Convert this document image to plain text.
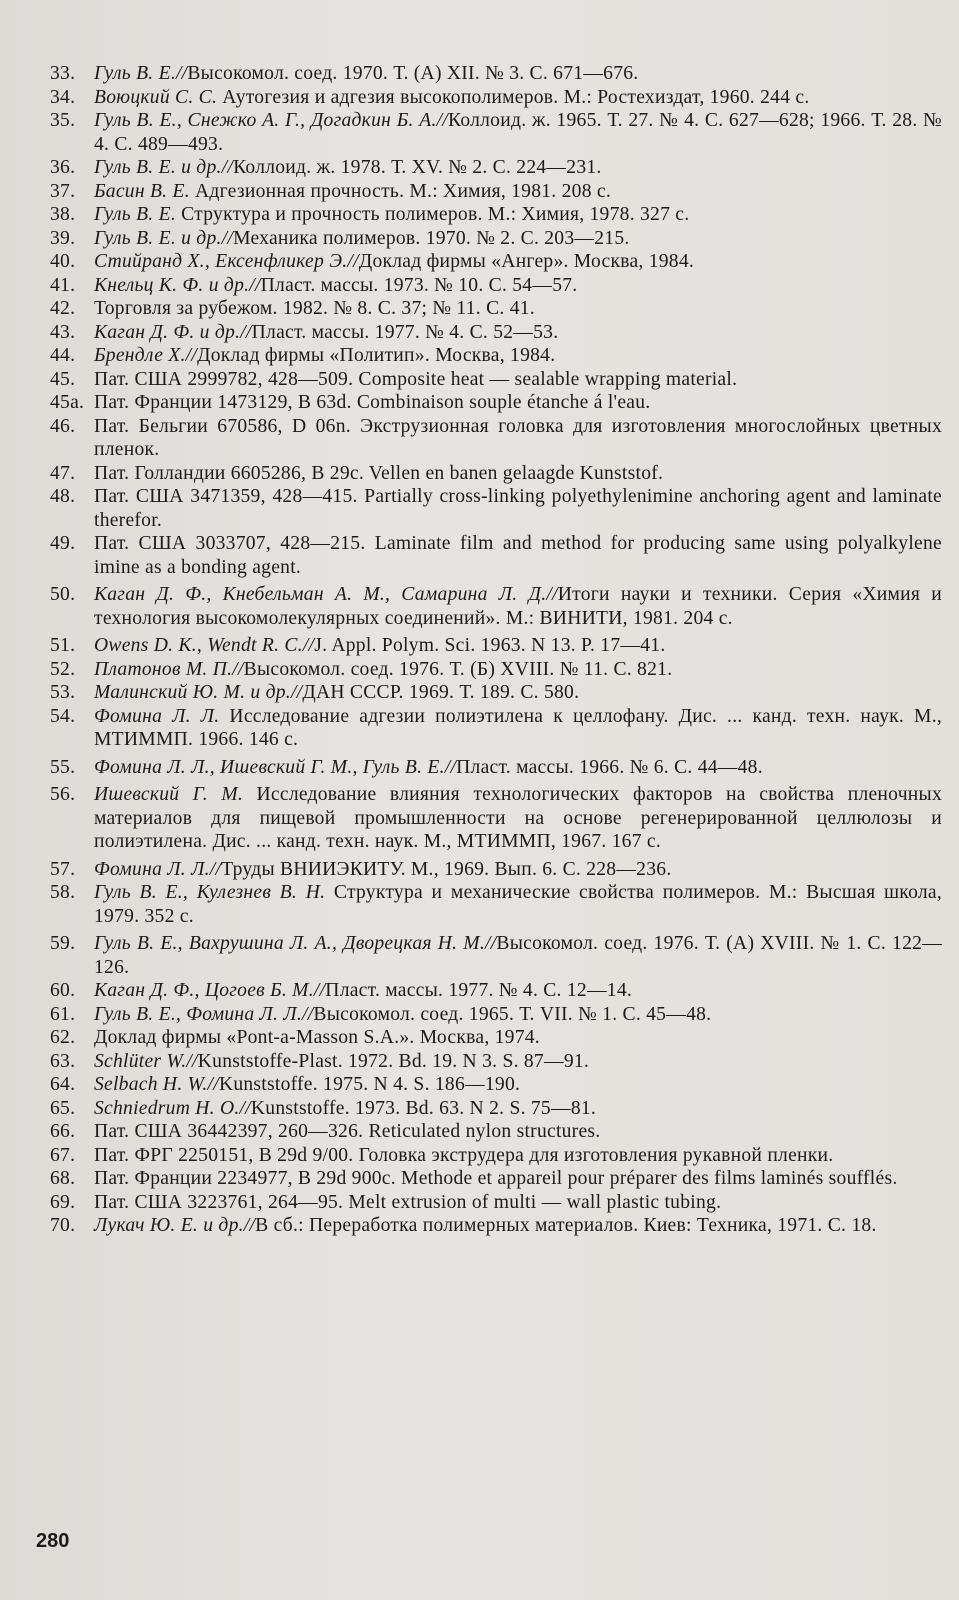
33. Гуль В. Е.//Высокомол. соед. 1970. Т. (А) XII. № 3. С. 671—676.
34. Воюцкий С. С. Аутогезия и адгезия высокополимеров. М.: Ростехиздат, 1960. 244 с.
35. Гуль В. Е., Снежко А. Г., Догадкин Б. А.//Коллоид. ж. 1965. Т. 27. № 4. С. 627—628; 1966. Т. 28. № 4. С. 489—493.
36. Гуль В. Е. и др.//Коллоид. ж. 1978. Т. XV. № 2. С. 224—231.
37. Басин В. Е. Адгезионная прочность. М.: Химия, 1981. 208 с.
38. Гуль В. Е. Структура и прочность полимеров. М.: Химия, 1978. 327 с.
39. Гуль В. Е. и др.//Механика полимеров. 1970. № 2. С. 203—215.
40. Стийранд Х., Ексенфликер Э.//Доклад фирмы «Ангер». Москва, 1984.
41. Кнельц К. Ф. и др.//Пласт. массы. 1973. № 10. С. 54—57.
42. Торговля за рубежом. 1982. № 8. С. 37; № 11. С. 41.
43. Каган Д. Ф. и др.//Пласт. массы. 1977. № 4. С. 52—53.
44. Брендле Х.//Доклад фирмы «Политип». Москва, 1984.
45. Пат. США 2999782, 428—509. Composite heat — sealable wrapping material.
45a. Пат. Франции 1473129, B 63d. Combinaison souple étanche á l'eau.
46. Пат. Бельгии 670586, D 06n. Экструзионная головка для изготовления многослойных цветных пленок.
47. Пат. Голландии 6605286, B 29c. Vellen en banen gelaagde Kunststof.
48. Пат. США 3471359, 428—415. Partially cross-linking polyethylenimine anchoring agent and laminate therefor.
49. Пат. США 3033707, 428—215. Laminate film and method for producing same using polyalkylene imine as a bonding agent.
50. Каган Д. Ф., Кнебельман А. М., Самарина Л. Д.//Итоги науки и техники. Серия «Химия и технология высокомолекулярных соединений». М.: ВИНИТИ, 1981. 204 с.
51. Owens D. K., Wendt R. C.//J. Appl. Polym. Sci. 1963. N 13. P. 17—41.
52. Платонов М. П.//Высокомол. соед. 1976. Т. (Б) XVIII. № 11. С. 821.
53. Малинский Ю. М. и др.//ДАН СССР. 1969. Т. 189. С. 580.
54. Фомина Л. Л. Исследование адгезии полиэтилена к целлофану. Дис. ... канд. техн. наук. М., МТИММП. 1966. 146 с.
55. Фомина Л. Л., Ишевский Г. М., Гуль В. Е.//Пласт. массы. 1966. № 6. С. 44—48.
56. Ишевский Г. М. Исследование влияния технологических факторов на свойства пленочных материалов для пищевой промышленности на основе регенерированной целлюлозы и полиэтилена. Дис. ... канд. техн. наук. М., МТИММП, 1967. 167 с.
57. Фомина Л. Л.//Труды ВНИИЭКИТУ. М., 1969. Вып. 6. С. 228—236.
58. Гуль В. Е., Кулезнев В. Н. Структура и механические свойства полимеров. М.: Высшая школа, 1979. 352 с.
59. Гуль В. Е., Вахрушина Л. А., Дворецкая Н. М.//Высокомол. соед. 1976. Т. (А) XVIII. № 1. С. 122—126.
60. Каган Д. Ф., Цогоев Б. М.//Пласт. массы. 1977. № 4. С. 12—14.
61. Гуль В. Е., Фомина Л. Л.//Высокомол. соед. 1965. Т. VII. № 1. С. 45—48.
62. Доклад фирмы «Pont-a-Masson S.A.». Москва, 1974.
63. Schlüter W.//Kunststoffe-Plast. 1972. Bd. 19. N 3. S. 87—91.
64. Selbach H. W.//Kunststoffe. 1975. N 4. S. 186—190.
65. Schniedrum H. O.//Kunststoffe. 1973. Bd. 63. N 2. S. 75—81.
66. Пат. США 36442397, 260—326. Reticulated nylon structures.
67. Пат. ФРГ 2250151, B 29d 9/00. Головка экструдера для изготовления рукавной пленки.
68. Пат. Франции 2234977, B 29d 900c. Methode et appareil pour préparer des films laminés soufflés.
69. Пат. США 3223761, 264—95. Melt extrusion of multi — wall plastic tubing.
70. Лукач Ю. Е. и др.//В сб.: Переработка полимерных материалов. Киев: Техника, 1971. С. 18.
280
